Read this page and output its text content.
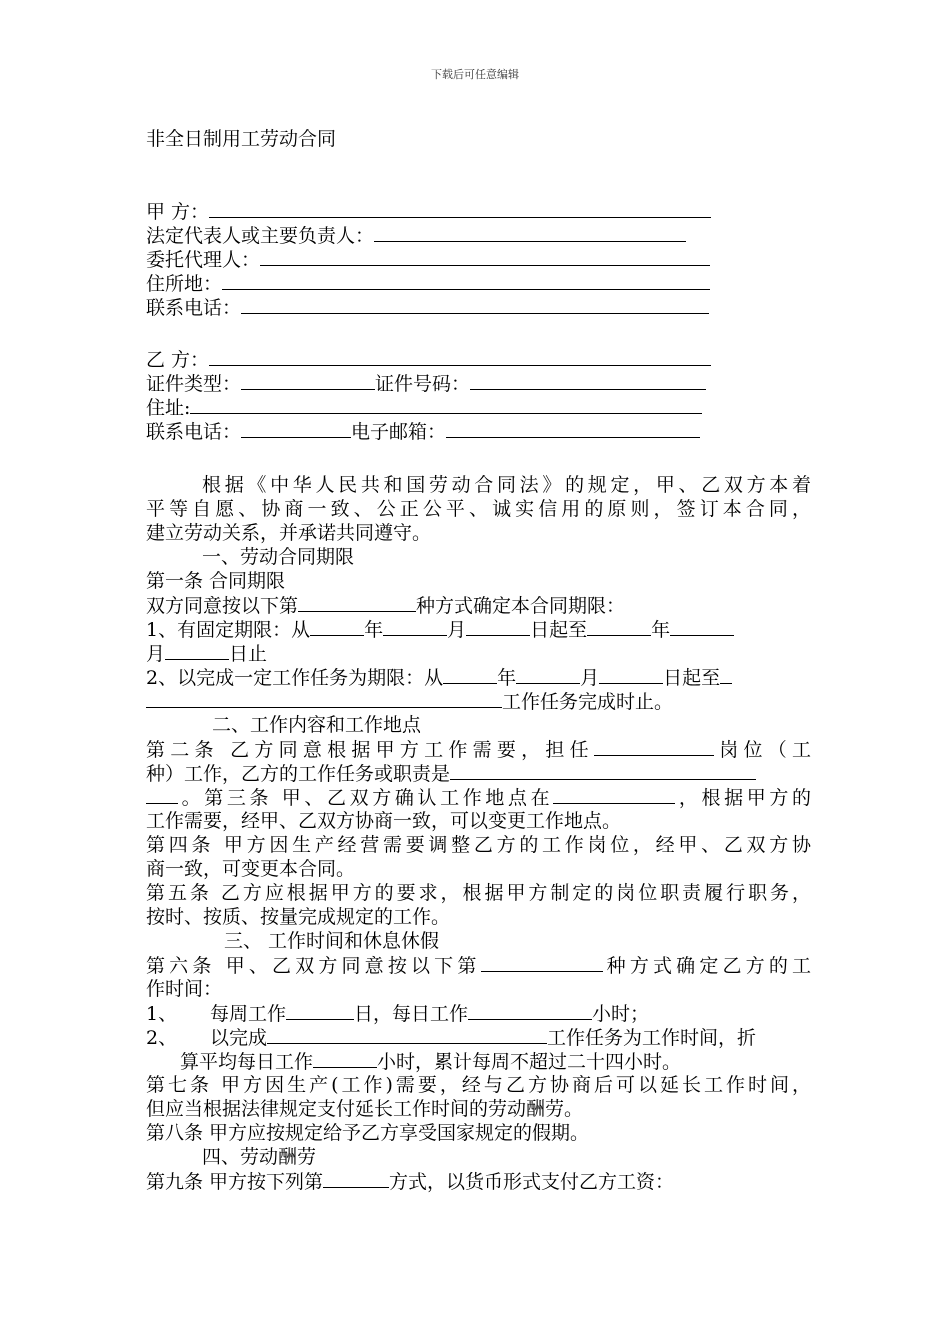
下载后可任意编辑
非全日制用工劳动合同
甲 方：
法定代表人或主要负责人：
委托代理人：
住所地：
联系电话：
乙 方：
证件类型：	证件号码：
住址:
联系电话：	电子邮箱：
根据《中华人民共和国劳动合同法》的规定，甲、乙双方本着
平等自愿、协商一致、公正公平、诚实信用的原则，签订本合同，
建立劳动关系，并承诺共同遵守。
一、劳动合同期限
第一条 合同期限
双方同意按以下第	种方式确定本合同期限：
1、有固定期限：从	年	月	日起至	年
月	日止
2、以完成一定工作任务为期限：从	年	月	日起至
工作任务完成时止。
二、工作内容和工作地点
第二条 乙方同意根据甲方工作需要，担任	岗位（工
种）工作，乙方的工作任务或职责是
。第三条 甲、乙双方确认工作地点在	，根据甲方的
工作需要，经甲、乙双方协商一致，可以变更工作地点。
第四条 甲方因生产经营需要调整乙方的工作岗位，经甲、乙双方协
商一致，可变更本合同。
第五条 乙方应根据甲方的要求，根据甲方制定的岗位职责履行职务，
按时、按质、按量完成规定的工作。
三、 工作时间和休息休假
第六条 甲、乙双方同意按以下第	种方式确定乙方的工
作时间：
1、 每周工作	日，每日工作	小时；
2、 以完成	工作任务为工作时间，折
算平均每日工作	小时，累计每周不超过二十四小时。
第七条 甲方因生产(工作)需要，经与乙方协商后可以延长工作时间，
但应当根据法律规定支付延长工作时间的劳动酬劳。
第八条 甲方应按规定给予乙方享受国家规定的假期。
四、劳动酬劳
第九条 甲方按下列第	方式，以货币形式支付乙方工资：
